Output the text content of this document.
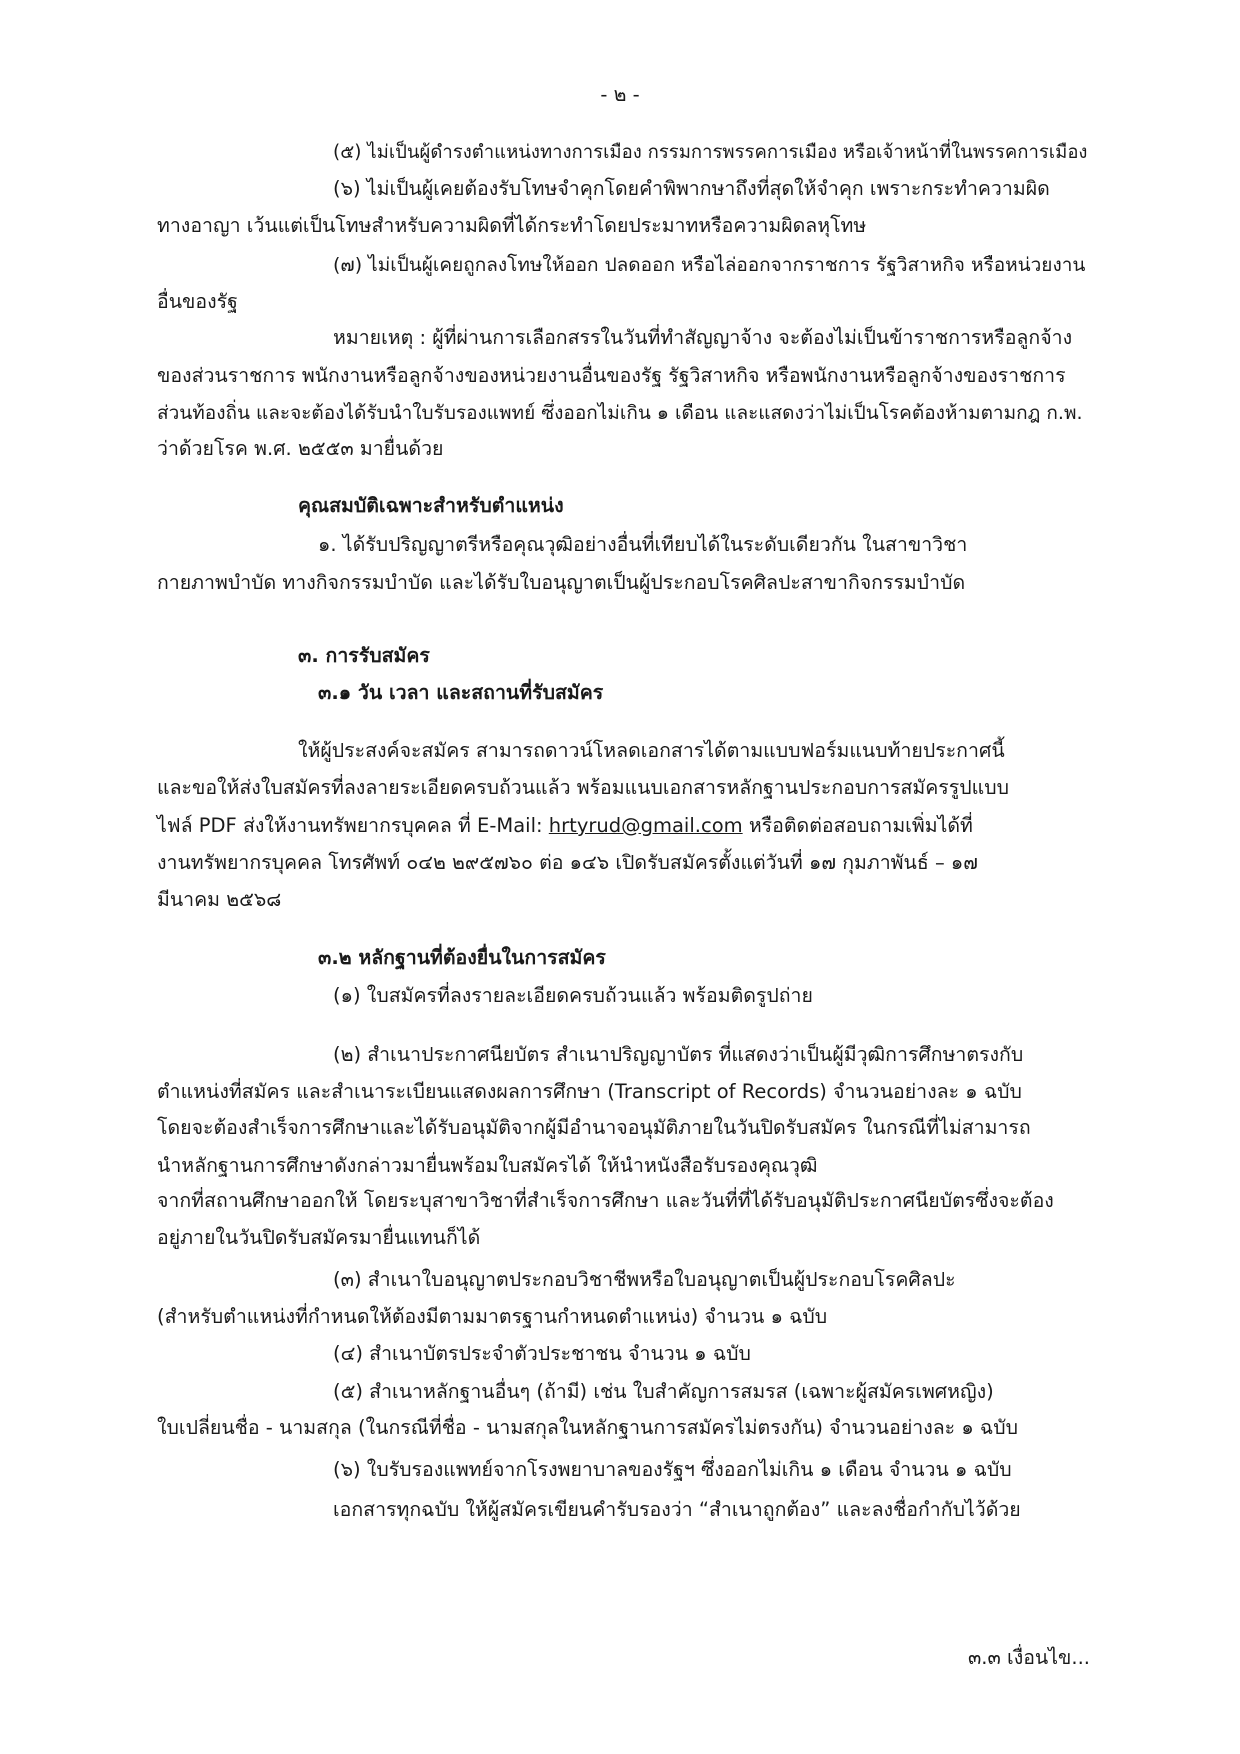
- ๒ -
(๕) ไม่เป็นผู้ดำรงตำแหน่งทางการเมือง กรรมการพรรคการเมือง หรือเจ้าหน้าที่ในพรรคการเมือง
(๖) ไม่เป็นผู้เคยต้องรับโทษจำคุกโดยคำพิพากษาถึงที่สุดให้จำคุก เพราะกระทำความผิด
ทางอาญา เว้นแต่เป็นโทษสำหรับความผิดที่ได้กระทำโดยประมาทหรือความผิดลหุโทษ
(๗) ไม่เป็นผู้เคยถูกลงโทษให้ออก ปลดออก หรือไล่ออกจากราชการ รัฐวิสาหกิจ หรือหน่วยงาน
อื่นของรัฐ
หมายเหตุ : ผู้ที่ผ่านการเลือกสรรในวันที่ทำสัญญาจ้าง จะต้องไม่เป็นข้าราชการหรือลูกจ้าง
ของส่วนราชการ พนักงานหรือลูกจ้างของหน่วยงานอื่นของรัฐ รัฐวิสาหกิจ หรือพนักงานหรือลูกจ้างของราชการ
ส่วนท้องถิ่น และจะต้องได้รับนำใบรับรองแพทย์ ซึ่งออกไม่เกิน ๑ เดือน และแสดงว่าไม่เป็นโรคต้องห้ามตามกฎ ก.พ.
ว่าด้วยโรค พ.ศ. ๒๕๕๓ มายื่นด้วย
คุณสมบัติเฉพาะสำหรับตำแหน่ง
๑. ได้รับปริญญาตรีหรือคุณวุฒิอย่างอื่นที่เทียบได้ในระดับเดียวกัน ในสาขาวิชา
กายภาพบำบัด ทางกิจกรรมบำบัด และได้รับใบอนุญาตเป็นผู้ประกอบโรคศิลปะสาขากิจกรรมบำบัด
๓. การรับสมัคร
๓.๑ วัน เวลา และสถานที่รับสมัคร
ให้ผู้ประสงค์จะสมัคร สามารถดาวน์โหลดเอกสารได้ตามแบบฟอร์มแนบท้ายประกาศนี้
และขอให้ส่งใบสมัครที่ลงลายระเอียดครบถ้วนแล้ว พร้อมแนบเอกสารหลักฐานประกอบการสมัครรูปแบบ
ไฟล์ PDF ส่งให้งานทรัพยากรบุคคล ที่ E-Mail: hrtyrud@gmail.com หรือติดต่อสอบถามเพิ่มได้ที่
งานทรัพยากรบุคคล โทรศัพท์ ๐๔๒ ๒๙๕๗๖๐ ต่อ ๑๔๖ เปิดรับสมัครตั้งแต่วันที่ ๑๗ กุมภาพันธ์ – ๑๗
มีนาคม ๒๕๖๘
๓.๒ หลักฐานที่ต้องยื่นในการสมัคร
(๑) ใบสมัครที่ลงรายละเอียดครบถ้วนแล้ว พร้อมติดรูปถ่าย
(๒) สำเนาประกาศนียบัตร สำเนาปริญญาบัตร ที่แสดงว่าเป็นผู้มีวุฒิการศึกษาตรงกับ
ตำแหน่งที่สมัคร และสำเนาระเบียนแสดงผลการศึกษา (Transcript of Records) จำนวนอย่างละ ๑ ฉบับ
โดยจะต้องสำเร็จการศึกษาและได้รับอนุมัติจากผู้มีอำนาจอนุมัติภายในวันปิดรับสมัคร ในกรณีที่ไม่สามารถ
นำหลักฐานการศึกษาดังกล่าวมายื่นพร้อมใบสมัครได้ ให้นำหนังสือรับรองคุณวุฒิ
จากที่สถานศึกษาออกให้ โดยระบุสาขาวิชาที่สำเร็จการศึกษา และวันที่ที่ได้รับอนุมัติประกาศนียบัตรซึ่งจะต้อง
อยู่ภายในวันปิดรับสมัครมายื่นแทนก็ได้
(๓) สำเนาใบอนุญาตประกอบวิชาชีพหรือใบอนุญาตเป็นผู้ประกอบโรคศิลปะ
(สำหรับตำแหน่งที่กำหนดให้ต้องมีตามมาตรฐานกำหนดตำแหน่ง) จำนวน ๑ ฉบับ
(๔) สำเนาบัตรประจำตัวประชาชน จำนวน ๑ ฉบับ
(๕) สำเนาหลักฐานอื่นๆ (ถ้ามี) เช่น ใบสำคัญการสมรส (เฉพาะผู้สมัครเพศหญิง)
ใบเปลี่ยนชื่อ - นามสกุล (ในกรณีที่ชื่อ - นามสกุลในหลักฐานการสมัครไม่ตรงกัน) จำนวนอย่างละ ๑ ฉบับ
(๖) ใบรับรองแพทย์จากโรงพยาบาลของรัฐฯ ซึ่งออกไม่เกิน ๑ เดือน จำนวน ๑ ฉบับ
เอกสารทุกฉบับ ให้ผู้สมัครเขียนคำรับรองว่า “สำเนาถูกต้อง” และลงชื่อกำกับไว้ด้วย
๓.๓ เงื่อนไข...
